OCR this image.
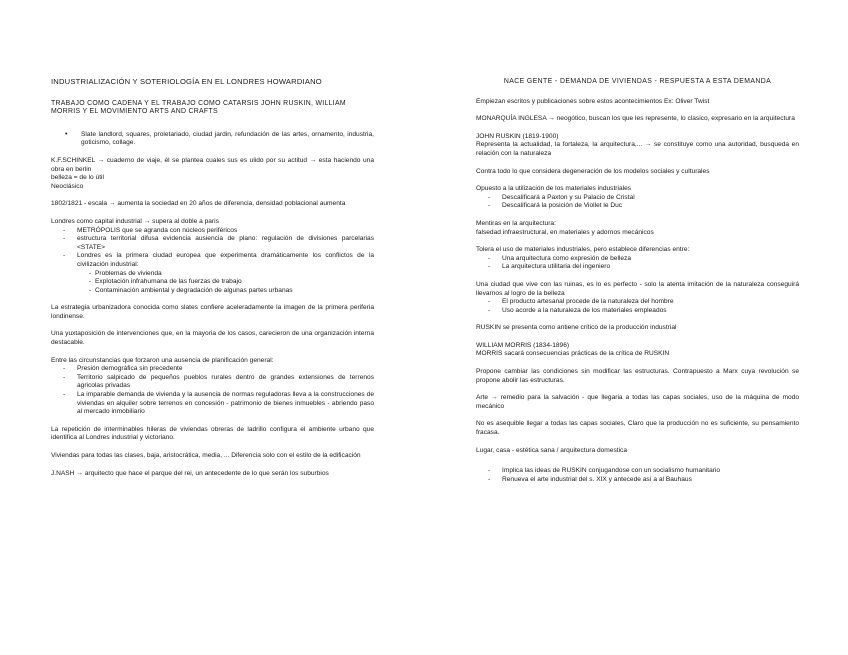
INDUSTRIALIZACIÓN Y SOTERIOLOGÍA EN EL LONDRES HOWARDIANO
TRABAJO COMO CADENA Y EL TRABAJO COMO CATARSIS JOHN RUSKIN, WILLIAM MORRIS Y EL MOVIMIENTO ARTS AND CRAFTS
• Slate landlord, squares, proletariado, ciudad jardin, refundación de las artes, ornamento, industria, goticismo, collage.

K.F.SCHINKEL → cuaderno de viaje, él se plantea cuales sus es ulido por su actitud → esta haciendo una obra en berlin

belleza = de lo útil

Neoclásico

1802/1821 - escala → aumenta la sociedad en 20 años de diferencia, densidad poblacional aumenta

Londres como capital industrial → supera al doble a paris
- METRÓPOLIS que se agranda con núcleos periféricos
- estructura territorial difusa evidencia ausiencia de plano: regulación de divisiones parcelarias <STATE>
- Londres es la primera ciudad europea que experimenta dramáticamente los conflictos de la civilización industrial:
- Problemas de vivienda
- Explotación infrahumana de las fuerzas de trabajo
- Contaminación ambiental y degradación de algunas partes urbanas

La estrategia urbanizadora conocida como slates confiere aceleradamente la imagen de la primera periferia londinense.

Una yuxtaposición de intervenciones que, en la mayoria de los casos, carecieron de una organización interna destacable.

Entre las circunstancias que forzaron una ausencia de planificación general:
- Presión demográfica sin precedente
- Territorio salpicado de pequeños pueblos rurales dentro de grandes extensiones de terrenos agricolas privadas
- La imparable demanda de vivienda y la ausencia de normas reguladoras lleva a la construcciones de viviendas en alquiler sobre terrenos en concesión - patrimonio de bienes inmuebles - abriendo paso al mercado inmobiliario

La repetición de interminables hileras de viviendas obreras de ladrillo configura el ambiente urbano que identifica al Londres industrial y victoriano.

Viviendas para todas las clases, baja, aristocrática, media, ... Diferencia solo con el estilo de la edificación

J.NASH → arquitecto que hace el parque del rei, un antecedente de lo que serán los suburbios

NACE GENTE - DEMANDA DE VIVIENDAS - RESPUESTA A ESTA DEMANDA

Empiezan escritos y publicaciones sobre estos acontecimientos Ex: Oliver Twist

MONARQUÍA INGLESA → neogótico, buscan los que les represente, lo clasico, expresario en la arquitectura

JOHN RUSKIN (1819-1900)

Representa la actualidad, la fortaleza, la arquitectura,... → se constituye como una autoridad, busqueda en relación con la naturaleza

Contra todo lo que considera degeneración de los modelos sociales y culturales

Opuesto a la utilización de los materiales industriales
- Descalificará a Paxton y su Palacio de Cristal
- Descalificará la posición de Viollet le Duc

Mentiras en la arquitectura:

falsedad infraestructural, en materiales y adornos mecánicos

Tolera el uso de materiales industriales, pero establece diferencias entre:
- Una arquitectura como expresión de belleza
- La arquitectura utilitaria del ingeniero
Una ciudad que vive con las ruinas, es lo es perfecto - solo la atenta imitación de la naturaleza conseguirá llevarnos al logro de la belleza
- El producto artesanal procede de la naturaleza del hombre
- Uso acorde a la naturaleza de los materiales empleados

RUSKIN se presenta como antiene crítico de la producción industrial

WILLIAM MORRIS (1834-1896)

MORRIS sacará consecuencias prácticas de la crítica de RUSKIN

Propone cambiar las condiciones sin modificar las estructuras. Contrapuesto a Marx cuya revolución se propone abolir las estructuras.

Arte → remedio para la salvación - que llegaria a todas las capas sociales, uso de la máquina de modo mecánico

No es asequible llegar a todas las capas sociales, Claro que la producción no es suficiente, su pensamiento fracasa.

Lugar, casa - estética sana / arquitectura domestica

- Implica las ideas de RUSKIN conjugandose con un socialismo humanitario
- Renueva el arte industrial del s. XIX y antecede así a al Bauhaus
